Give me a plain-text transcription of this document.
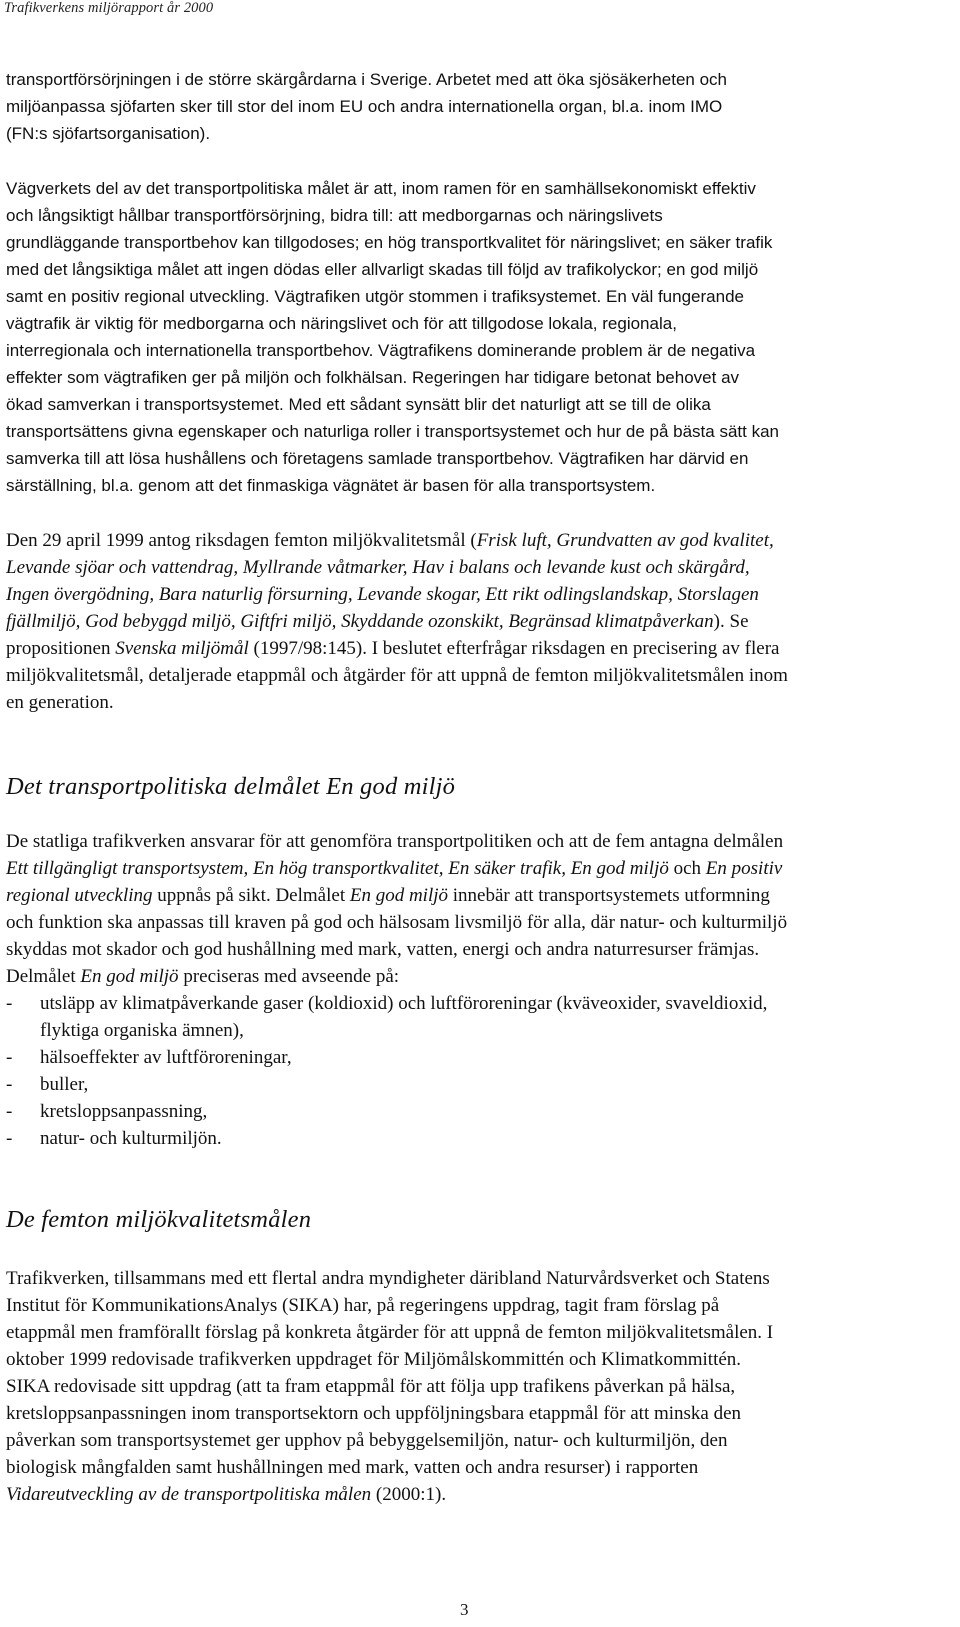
Trafikverkens miljörapport år 2000
transportförsörjningen i de större skärgårdarna i Sverige. Arbetet med att öka sjösäkerheten och
miljöanpassa sjöfarten sker till stor del inom EU och andra internationella organ, bl.a. inom IMO
(FN:s sjöfartsorganisation).
Vägverkets del av det transportpolitiska målet är att, inom ramen för en samhällsekonomiskt effektiv
och långsiktigt hållbar transportförsörjning, bidra till: att medborgarnas och näringslivets
grundläggande transportbehov kan tillgodoses; en hög transportkvalitet för näringslivet; en säker trafik
med det långsiktiga målet att ingen dödas eller allvarligt skadas till följd av trafikolyckor; en god miljö
samt en positiv regional utveckling. Vägtrafiken utgör stommen i trafiksystemet. En väl fungerande
vägtrafik är viktig för medborgarna och näringslivet och för att tillgodose lokala, regionala,
interregionala och internationella transportbehov. Vägtrafikens dominerande problem är de negativa
effekter som vägtrafiken ger på miljön och folkhälsan. Regeringen har tidigare betonat behovet av
ökad samverkan i transportsystemet. Med ett sådant synsätt blir det naturligt att se till de olika
transportsättens givna egenskaper och naturliga roller i transportsystemet och hur de på bästa sätt kan
samverka till att lösa hushållens och företagens samlade transportbehov. Vägtrafiken har därvid en
särställning, bl.a. genom att det finmaskiga vägnätet är basen för alla transportsystem.
Den 29 april 1999 antog riksdagen femton miljökvalitetsmål (Frisk luft, Grundvatten av god kvalitet,
Levande sjöar och vattendrag, Myllrande våtmarker, Hav i balans och levande kust och skärgård,
Ingen övergödning, Bara naturlig försurning, Levande skogar, Ett rikt odlingslandskap, Storslagen
fjällmiljö, God bebyggd miljö, Giftfri miljö, Skyddande ozonskikt, Begränsad klimatpåverkan). Se
propositionen Svenska miljömål (1997/98:145). I beslutet efterfrågar riksdagen en precisering av flera
miljökvalitetsmål, detaljerade etappmål och åtgärder för att uppnå de femton miljökvalitetsmålen inom
en generation.
Det transportpolitiska delmålet En god miljö
De statliga trafikverken ansvarar för att genomföra transportpolitiken och att de fem antagna delmålen
Ett tillgängligt transportsystem, En hög transportkvalitet, En säker trafik, En god miljö och En positiv
regional utveckling uppnås på sikt. Delmålet En god miljö innebär att transportsystemets utformning
och funktion ska anpassas till kraven på god och hälsosam livsmiljö för alla, där natur- och kulturmiljö
skyddas mot skador och god hushållning med mark, vatten, energi och andra naturresurser främjas.
Delmålet En god miljö preciseras med avseende på:
- utsläpp av klimatpåverkande gaser (koldioxid) och luftföroreningar (kväveoxider, svaveldioxid,
flyktiga organiska ämnen),
- hälsoeffekter av luftföroreningar,
- buller,
- kretsloppsanpassning,
- natur- och kulturmiljön.
De femton miljökvalitetsmålen
Trafikverken, tillsammans med ett flertal andra myndigheter däribland Naturvårdsverket och Statens
Institut för KommunikationsAnalys (SIKA) har, på regeringens uppdrag, tagit fram förslag på
etappmål men framförallt förslag på konkreta åtgärder för att uppnå de femton miljökvalitetsmålen. I
oktober 1999 redovisade trafikverken uppdraget för Miljömålskommittén och Klimatkommittén.
SIKA redovisade sitt uppdrag (att ta fram etappmål för att följa upp trafikens påverkan på hälsa,
kretsloppsanpassningen inom transportsektorn och uppföljningsbara etappmål för att minska den
påverkan som transportsystemet ger upphov på bebyggelsemiljön, natur- och kulturmiljön, den
biologisk mångfalden samt hushållningen med mark, vatten och andra resurser) i rapporten
Vidareutveckling av de transportpolitiska målen (2000:1).
3
